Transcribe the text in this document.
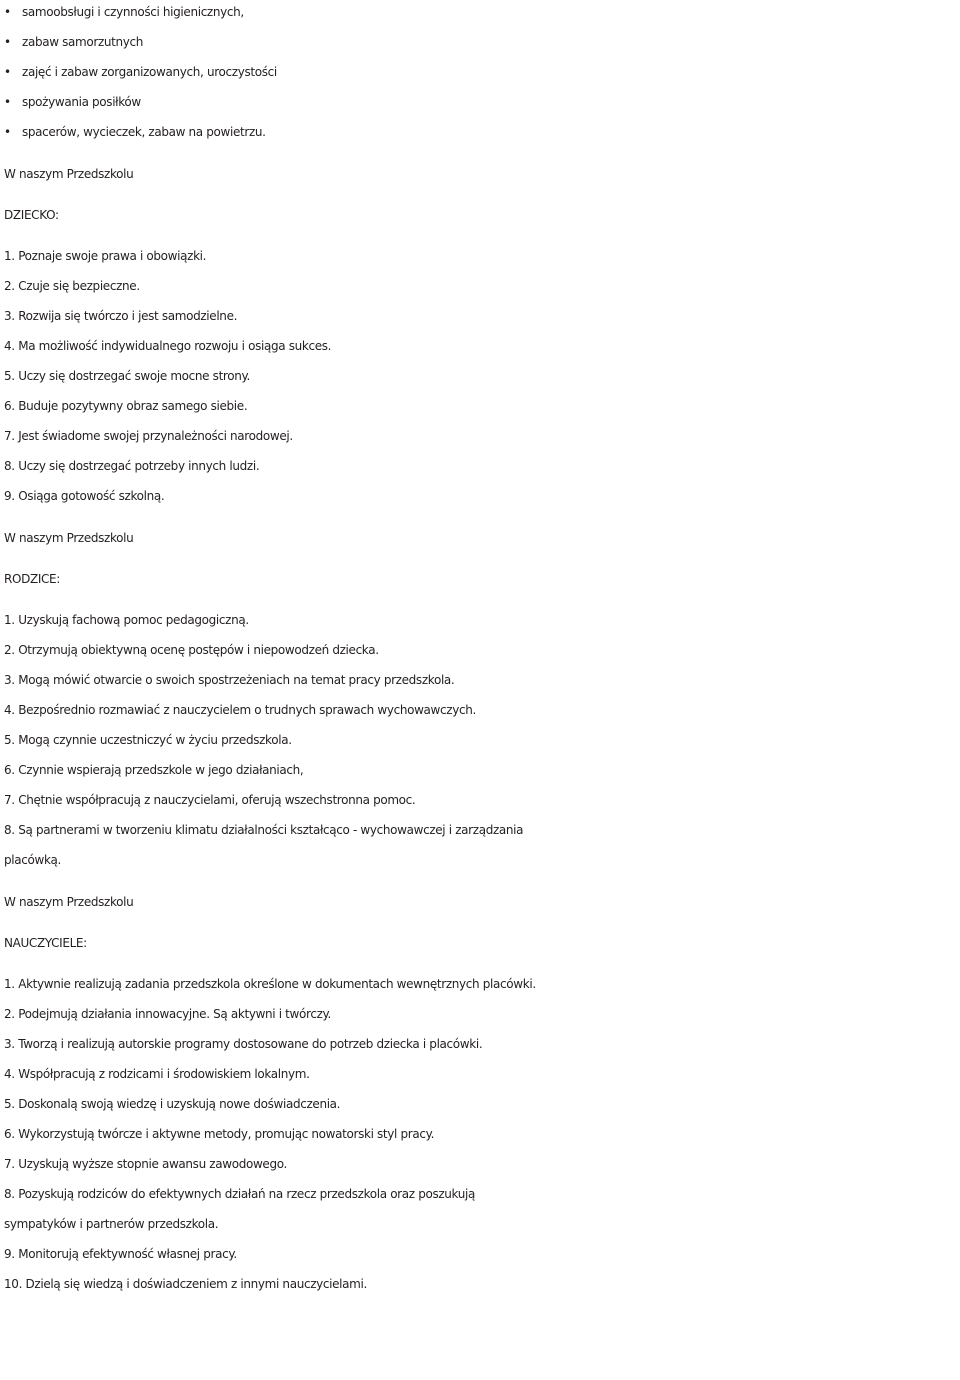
• samoobsługi i czynności higienicznych,
• zabaw samorzutnych
• zajęć i zabaw zorganizowanych, uroczystości
• spożywania posiłków
• spacerów, wycieczek, zabaw na powietrzu.
W naszym Przedszkolu
DZIECKO:
1. Poznaje swoje prawa i obowiązki.
2. Czuje się bezpieczne.
3. Rozwija się twórczo i jest samodzielne.
4. Ma możliwość indywidualnego rozwoju i osiąga sukces.
5. Uczy się dostrzegać swoje mocne strony.
6. Buduje pozytywny obraz samego siebie.
7. Jest świadome swojej przynależności narodowej.
8. Uczy się dostrzegać potrzeby innych ludzi.
9. Osiąga gotowość szkolną.
W naszym Przedszkolu
RODZICE:
1. Uzyskują fachową pomoc pedagogiczną.
2. Otrzymują obiektywną ocenę postępów i niepowodzeń dziecka.
3. Mogą mówić otwarcie o swoich spostrzeżeniach na temat pracy przedszkola.
4. Bezpośrednio rozmawiać z nauczycielem o trudnych sprawach wychowawczych.
5. Mogą czynnie uczestniczyć w życiu przedszkola.
6. Czynnie wspierają przedszkole w jego działaniach,
7. Chętnie współpracują z nauczycielami, oferują wszechstronna pomoc.
8. Są partnerami w tworzeniu klimatu działalności kształcąco - wychowawczej i zarządzania
placówką.
W naszym Przedszkolu
NAUCZYCIELE:
1. Aktywnie realizują zadania przedszkola określone w dokumentach wewnętrznych placówki.
2. Podejmują działania innowacyjne. Są aktywni i twórczy.
3. Tworzą i realizują autorskie programy dostosowane do potrzeb dziecka i placówki.
4. Współpracują z rodzicami i środowiskiem lokalnym.
5. Doskonalą swoją wiedzę i uzyskują nowe doświadczenia.
6. Wykorzystują twórcze i aktywne metody, promując nowatorski styl pracy.
7. Uzyskują wyższe stopnie awansu zawodowego.
8. Pozyskują rodziców do efektywnych działań na rzecz przedszkola oraz poszukują
sympatyków i partnerów przedszkola.
9. Monitorują efektywność własnej pracy.
10. Dzielą się wiedzą i doświadczeniem z innymi nauczycielami.
